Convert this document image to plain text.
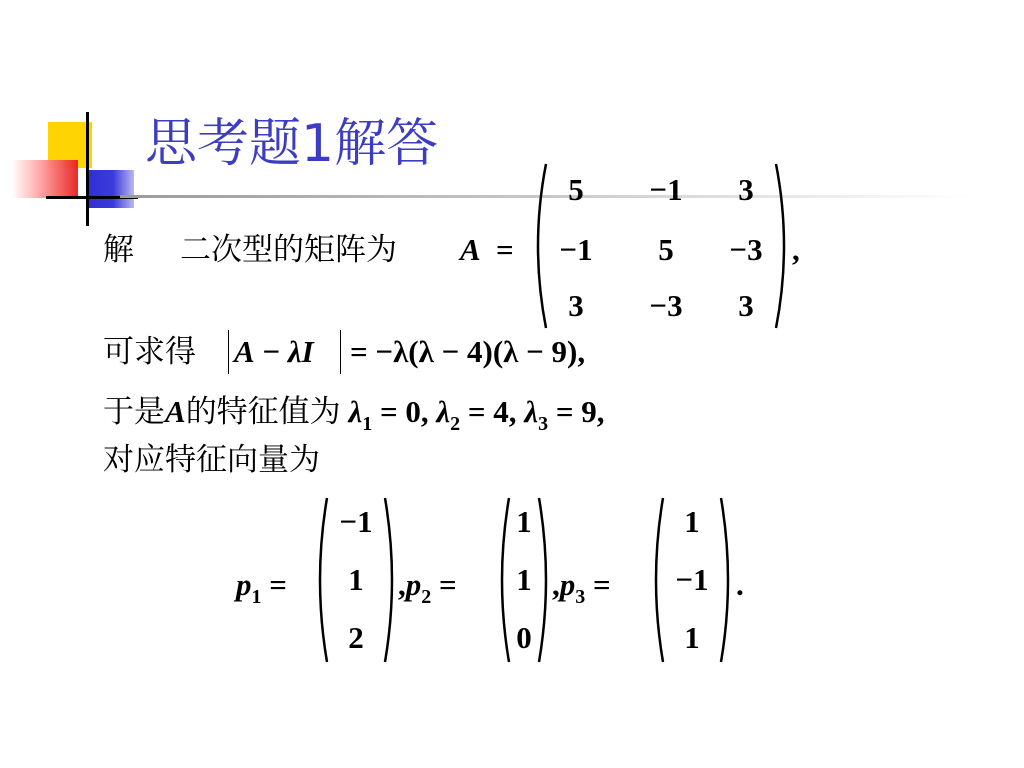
思考题1解答
解 二次型的矩阵为 A =
5	−1	3
−1	5	−3
3	−3	3
,
可求得 A − λI = −λ(λ − 4)(λ − 9),
于是A的特征值为 $\lambda_1 = 0$, $\lambda_2 = 4$, $\lambda_3 = 9$,
对应特征向量为
$p_1$ =
−1
1
2
$,p_2$ =
1
1
0
$,p_3$ =
1
−1
1
.
